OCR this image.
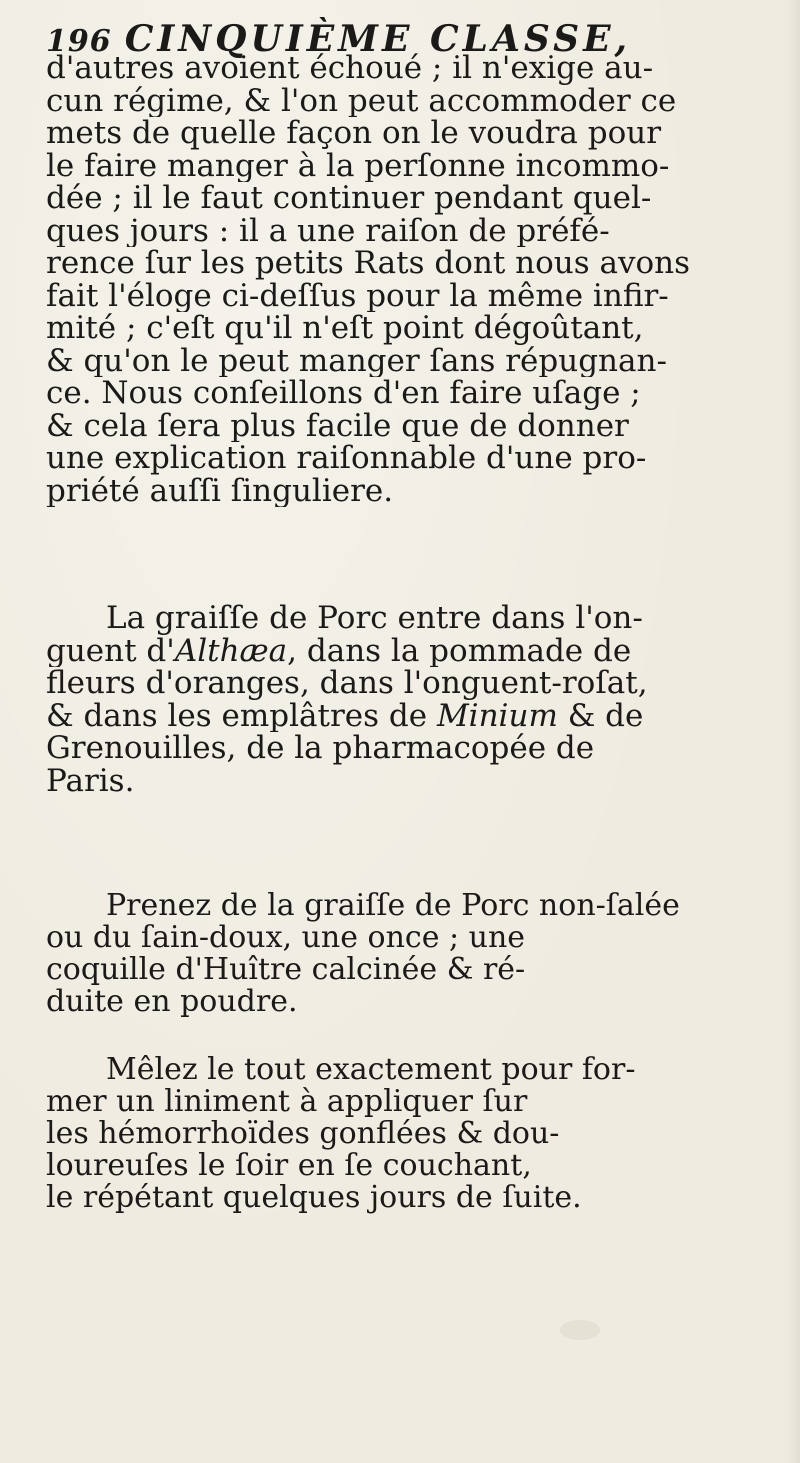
196 CINQUIÈME CLASSE,
d'autres avoient échoué ; il n'exige au-
cun régime, & l'on peut accommoder ce
mets de quelle façon on le voudra pour
le faire manger à la perſonne incommo-
dée ; il le faut continuer pendant quel-
ques jours : il a une raiſon de préfé-
rence ſur les petits Rats dont nous avons
fait l'éloge ci-deſſus pour la même infir-
mité ; c'eſt qu'il n'eſt point dégoûtant,
& qu'on le peut manger ſans répugnan-
ce. Nous conſeillons d'en faire uſage ;
& cela ſera plus facile que de donner
une explication raiſonnable d'une pro-
priété auſſi ſinguliere.
La graiſſe de Porc entre dans l'on-
guent d'Althæa, dans la pommade de
fleurs d'oranges, dans l'onguent-roſat,
& dans les emplâtres de Minium & de
Grenouilles, de la pharmacopée de
Paris.
Prenez de la graiſſe de Porc non-ſalée
ou du ſain-doux, une once ; une
coquille d'Huître calcinée & ré-
duite en poudre.
Mêlez le tout exactement pour for-
mer un liniment à appliquer ſur
les hémorrhoïdes gonflées & dou-
loureuſes le ſoir en ſe couchant,
le répétant quelques jours de ſuite.
